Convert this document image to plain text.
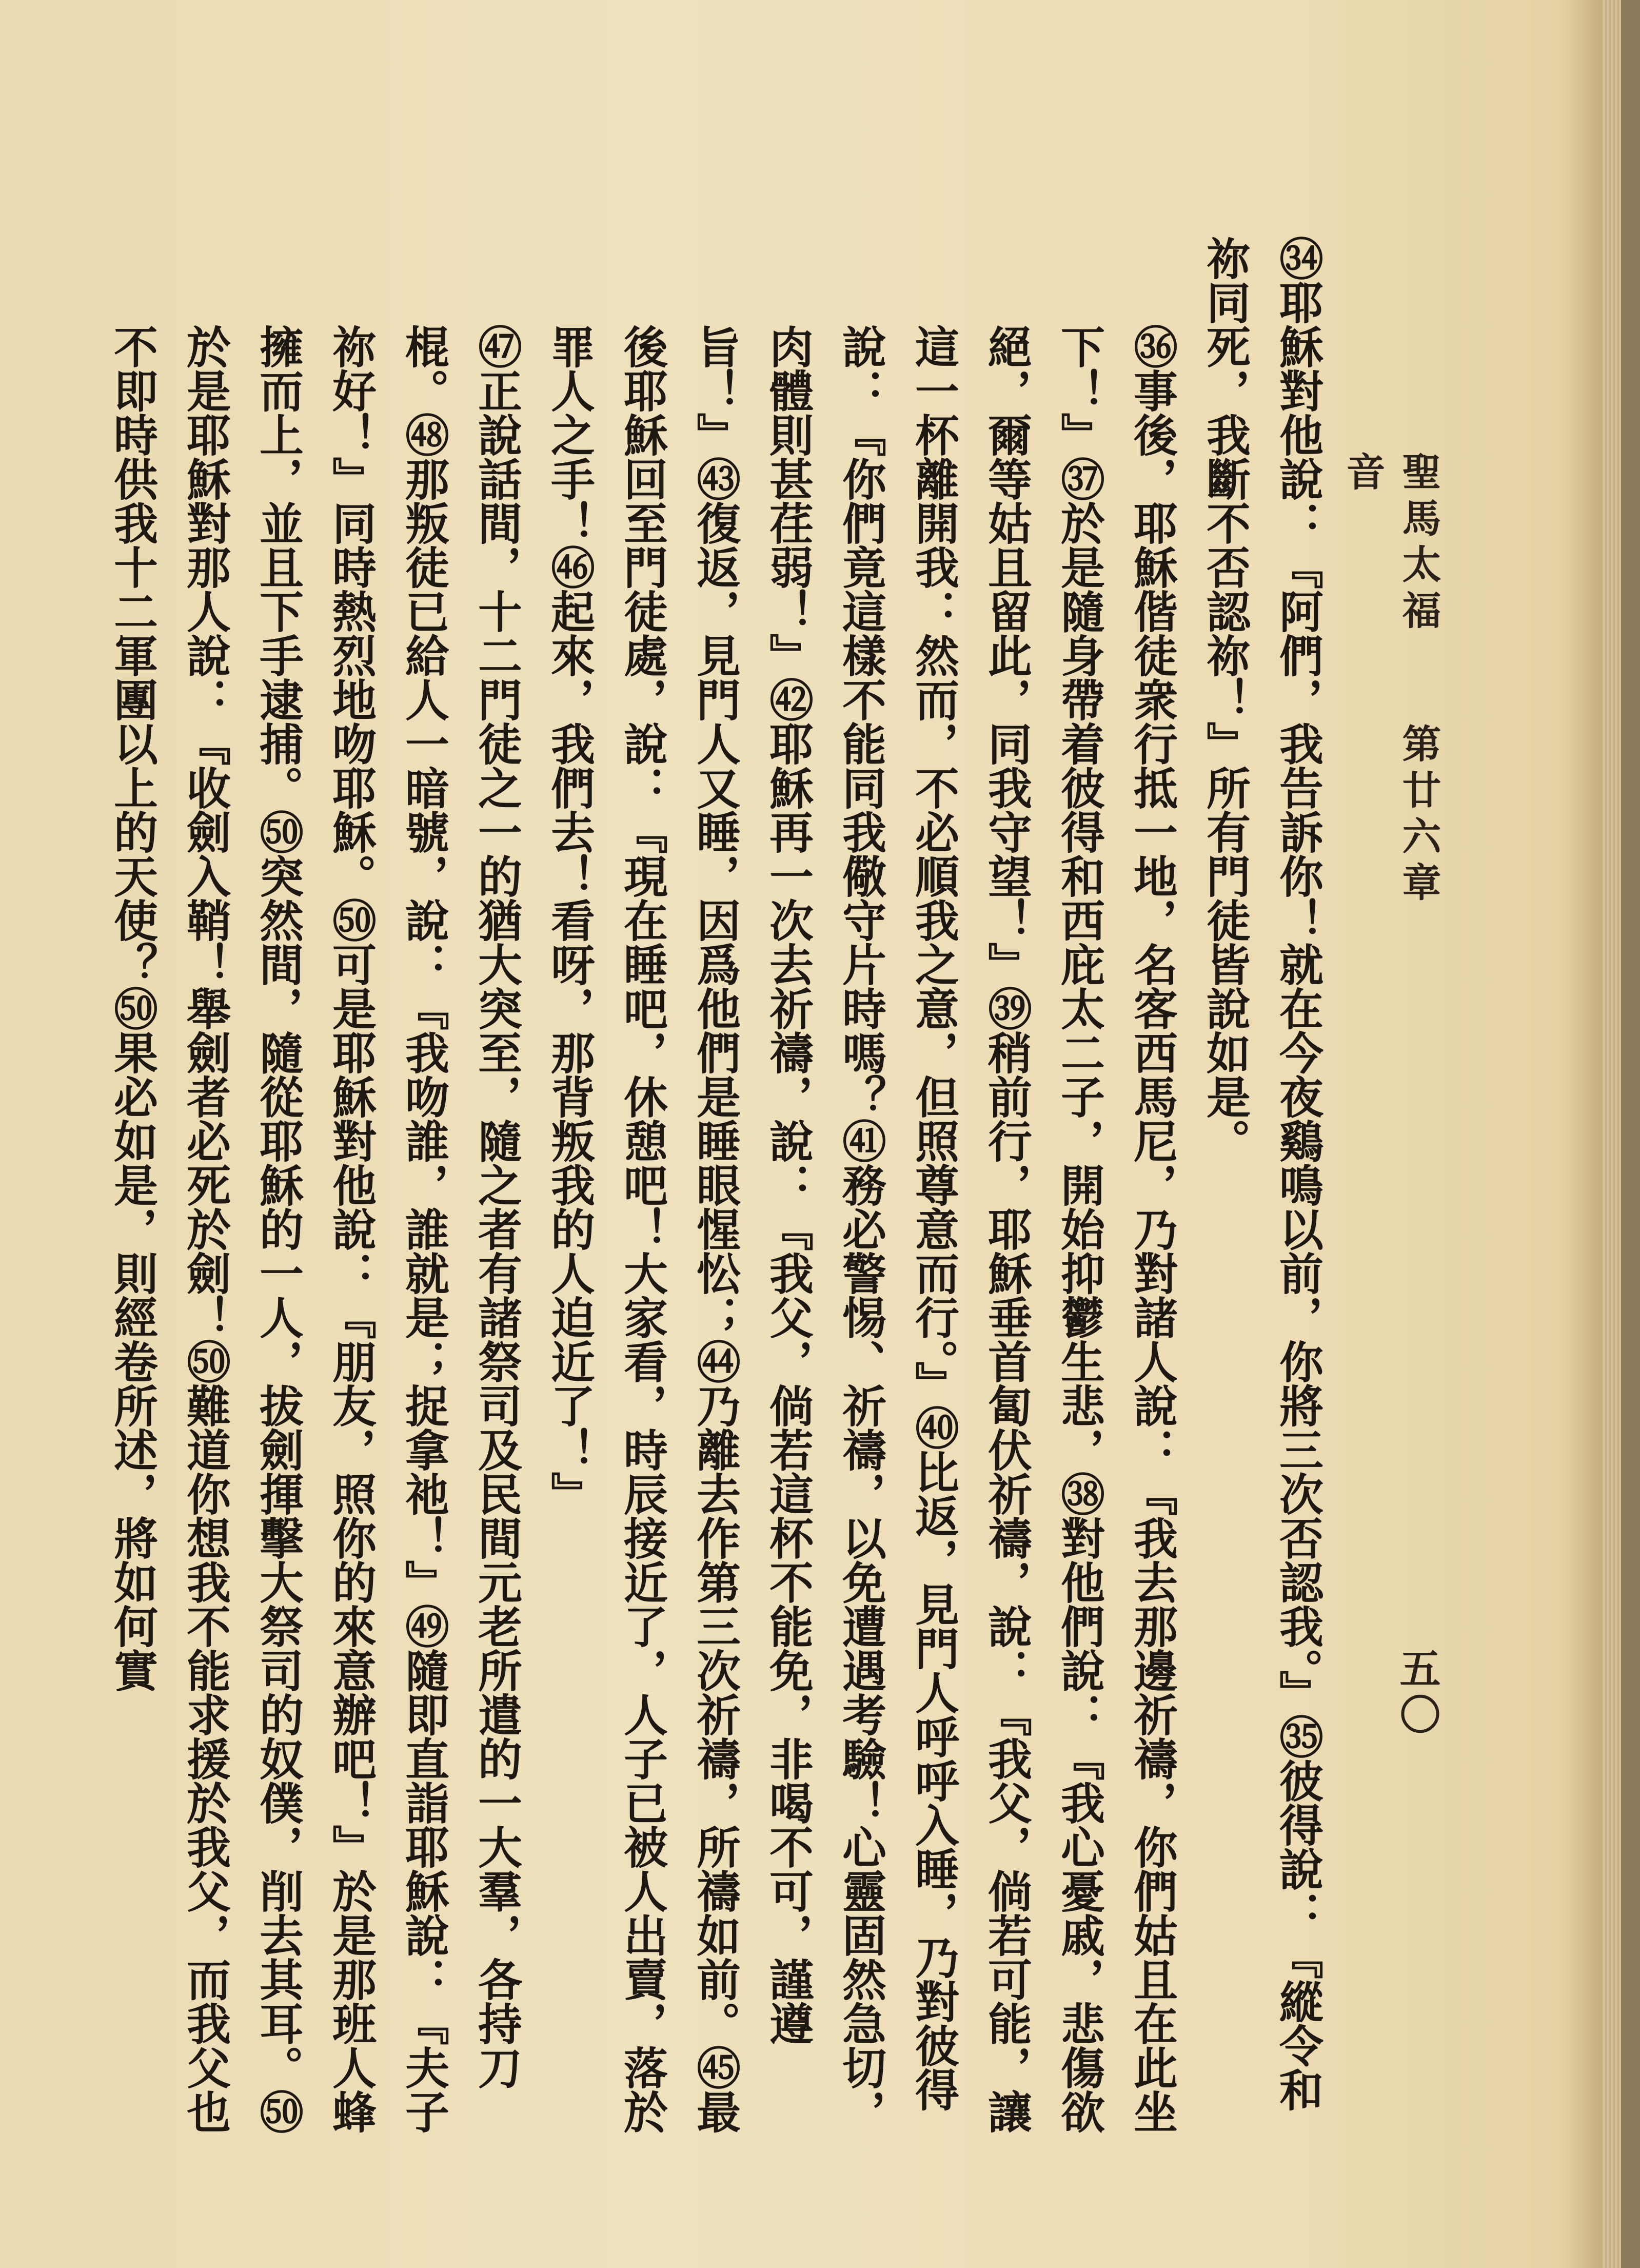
聖馬太福音
第廿六章
五〇

㉞耶穌對他說：『阿們，我告訴你！就在今夜鷄鳴以前，你將三次否認我。』㉟彼得說：『縱令和祢同死，我斷不否認祢！』所有門徒皆說如是。

㊱事後，耶穌偕徒衆行抵一地，名客西馬尼，乃對諸人說：『我去那邊祈禱，你們姑且在此坐下！』㊲於是隨身帶着彼得和西庇太二子，開始抑鬱生悲，㊳對他們說：『我心憂戚，悲傷欲絕，爾等姑且留此，同我守望！』㊴稍前行，耶穌垂首匐伏祈禱，說：『我父，倘若可能，讓這一杯離開我：然而，不必順我之意，但照尊意而行。』㊵比返，見門人呼呼入睡，乃對彼得說：『你們竟這樣不能同我儆守片時嗎？㊶務必警惕、祈禱，以免遭遇考驗！心靈固然急切，肉體則甚荏弱！』㊷耶穌再一次去祈禱，說：『我父，倘若這杯不能免，非喝不可，謹遵旨！』㊸復返，見門人又睡，因爲他們是睡眼惺忪；㊹乃離去作第三次祈禱，所禱如前。㊺最後耶穌回至門徒處，說：『現在睡吧，休憩吧！大家看，時辰接近了，人子已被人出賣，落於罪人之手！㊻起來，我們去！看呀，那背叛我的人迫近了！』

㊼正說話間，十二門徒之一的猶大突至，隨之者有諸祭司及民間元老所遣的一大羣，各持刀棍。㊽那叛徒已給人一暗號，說：『我吻誰，誰就是；捉拿祂！』㊾隨即直詣耶穌說：『夫子祢好！』同時熱烈地吻耶穌。㊿可是耶穌對他說：『朋友，照你的來意辦吧！』於是那班人蜂擁而上，並且下手逮捕。㊿突然間，隨從耶穌的一人，拔劍揮擊大祭司的奴僕，削去其耳。㊿於是耶穌對那人說：『收劍入鞘！舉劍者必死於劍！㊿難道你想我不能求援於我父，而我父也不即時供我十二軍團以上的天使？㊿果必如是，則經卷所述，將如何實
